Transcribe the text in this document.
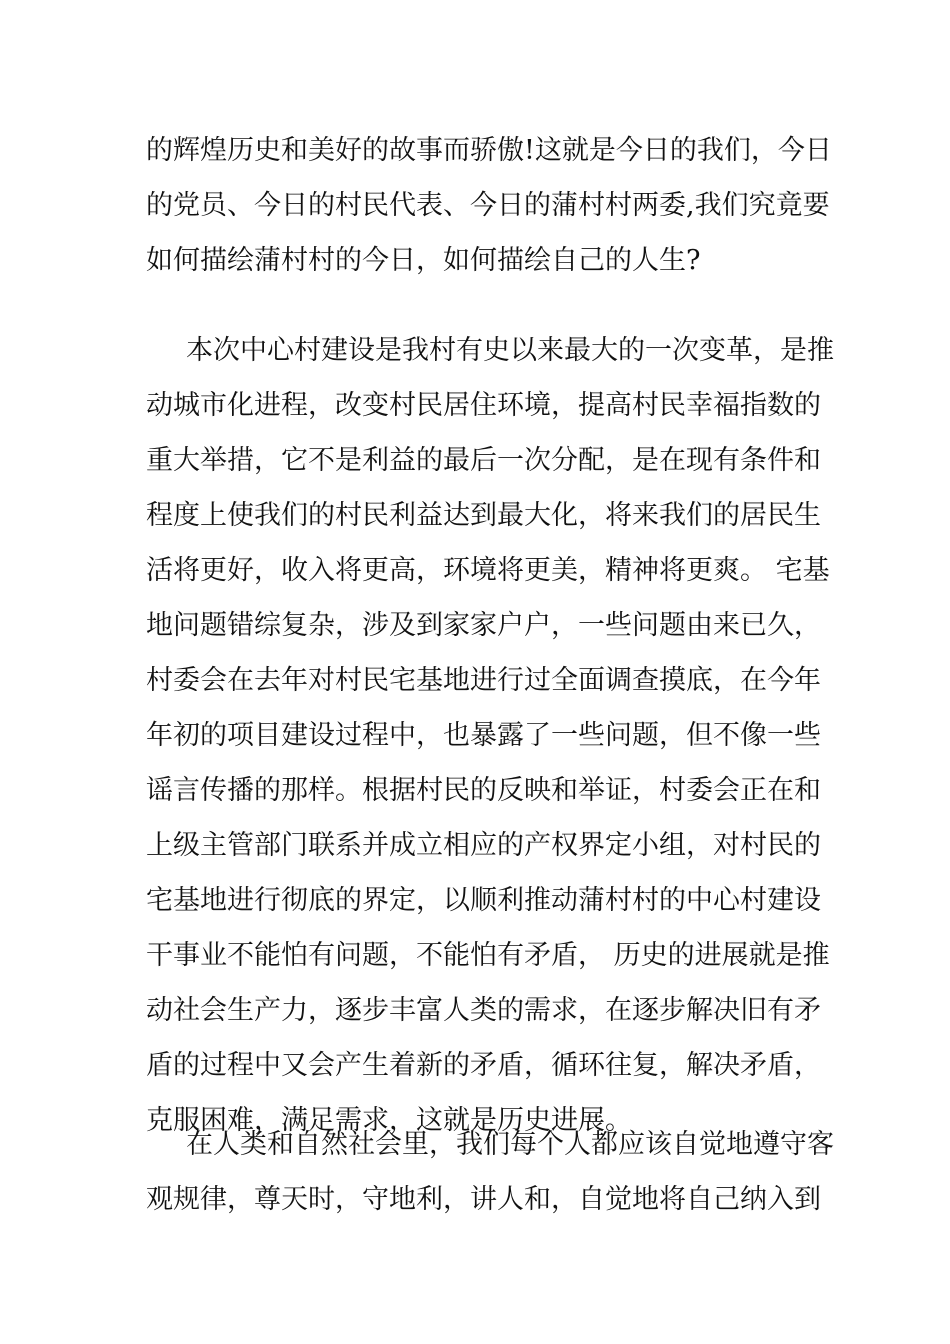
的辉煌历史和美好的故事而骄傲!这就是今日的我们，今日
的党员、今日的村民代表、今日的蒲村村两委,我们究竟要
如何描绘蒲村村的今日，如何描绘自己的人生?
本次中心村建设是我村有史以来最大的一次变革，是推
动城市化进程，改变村民居住环境，提高村民幸福指数的
重大举措，它不是利益的最后一次分配，是在现有条件和
程度上使我们的村民利益达到最大化，将来我们的居民生
活将更好，收入将更高，环境将更美，精神将更爽。 宅基
地问题错综复杂，涉及到家家户户，一些问题由来已久，
村委会在去年对村民宅基地进行过全面调查摸底，在今年
年初的项目建设过程中，也暴露了一些问题，但不像一些
谣言传播的那样。根据村民的反映和举证，村委会正在和
上级主管部门联系并成立相应的产权界定小组，对村民的
宅基地进行彻底的界定，以顺利推动蒲村村的中心村建设
干事业不能怕有问题，不能怕有矛盾， 历史的进展就是推
动社会生产力，逐步丰富人类的需求，在逐步解决旧有矛
盾的过程中又会产生着新的矛盾，循环往复，解决矛盾，
克服困难，满足需求，这就是历史进展。
在人类和自然社会里，我们每个人都应该自觉地遵守客
观规律，尊天时，守地利，讲人和，自觉地将自己纳入到
